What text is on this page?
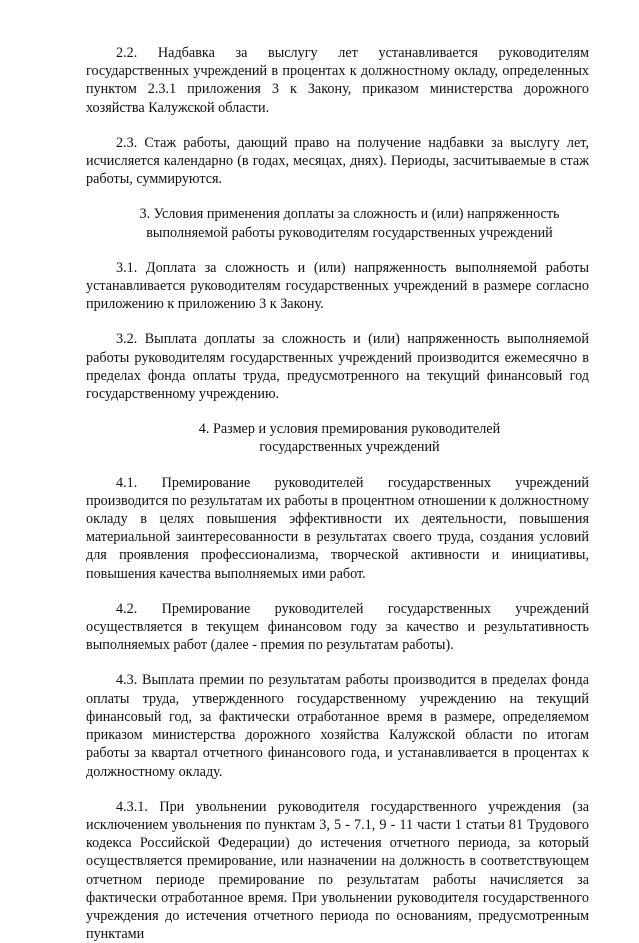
2.2. Надбавка за выслугу лет устанавливается руководителям государственных учреждений в процентах к должностному окладу, определенных пунктом 2.3.1 приложения 3 к Закону, приказом министерства дорожного хозяйства Калужской области.

2.3. Стаж работы, дающий право на получение надбавки за выслугу лет, исчисляется календарно (в годах, месяцах, днях). Периоды, засчитываемые в стаж работы, суммируются.

3. Условия применения доплаты за сложность и (или) напряженность

выполняемой работы руководителям государственных учреждений

3.1. Доплата за сложность и (или) напряженность выполняемой работы устанавливается руководителям государственных учреждений в размере согласно приложению к приложению 3 к Закону.

3.2. Выплата доплаты за сложность и (или) напряженность выполняемой работы руководителям государственных учреждений производится ежемесячно в пределах фонда оплаты труда, предусмотренного на текущий финансовый год государственному учреждению.

4. Размер и условия премирования руководителей

государственных учреждений

4.1. Премирование руководителей государственных учреждений производится по результатам их работы в процентном отношении к должностному окладу в целях повышения эффективности их деятельности, повышения материальной заинтересованности в результатах своего труда, создания условий для проявления профессионализма, творческой активности и инициативы, повышения качества выполняемых ими работ.

4.2. Премирование руководителей государственных учреждений осуществляется в текущем финансовом году за качество и результативность выполняемых работ (далее - премия по результатам работы).

4.3. Выплата премии по результатам работы производится в пределах фонда оплаты труда, утвержденного государственному учреждению на текущий финансовый год, за фактически отработанное время в размере, определяемом приказом министерства дорожного хозяйства Калужской области по итогам работы за квартал отчетного финансового года, и устанавливается в процентах к должностному окладу.

4.3.1. При увольнении руководителя государственного учреждения (за исключением увольнения по пунктам 3, 5 - 7.1, 9 - 11 части 1 статьи 81 Трудового кодекса Российской Федерации) до истечения отчетного периода, за который осуществляется премирование, или назначении на должность в соответствующем отчетном периоде премирование по результатам работы начисляется за фактически отработанное время. При увольнении руководителя государственного учреждения до истечения отчетного периода по основаниям, предусмотренным пунктами
